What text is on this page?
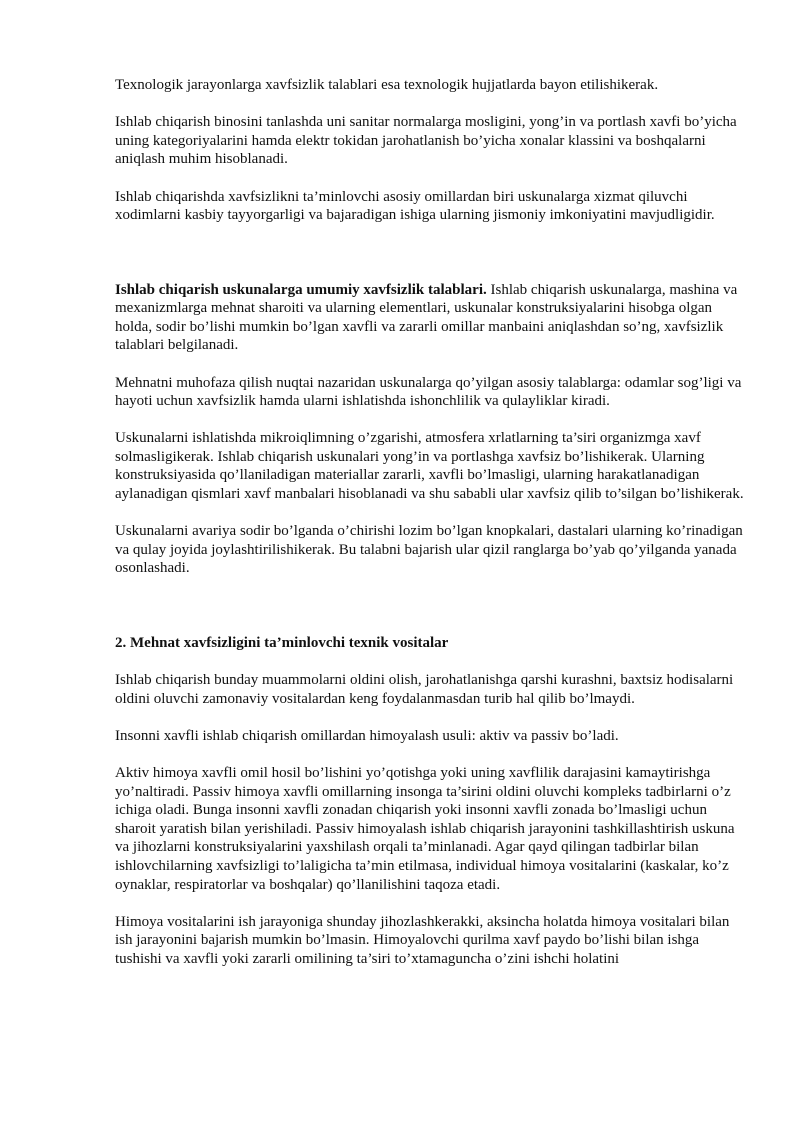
Texnologik jarayonlarga xavfsizlik talablari esa texnologik hujjatlarda bayon etilishikerak.

Ishlab chiqarish binosini tanlashda uni sanitar normalarga mosligini, yong’in va portlash xavfi bo’yicha uning kategoriyalarini hamda elektr tokidan jarohatlanish bo’yicha xonalar klassini va boshqalarni aniqlash muhim hisoblanadi.

Ishlab chiqarishda xavfsizlikni ta’minlovchi asosiy omillardan biri uskunalarga xizmat qiluvchi xodimlarni kasbiy tayyorgarligi va bajaradigan ishiga ularning jismoniy imkoniyatini mavjudligidir.

Ishlab chiqarish uskunalarga umumiy xavfsizlik talablari. Ishlab chiqarish uskunalarga, mashina va mexanizmlarga mehnat sharoiti va ularning elementlari, uskunalar konstruksiyalarini hisobga olgan holda, sodir bo’lishi mumkin bo’lgan xavfli va zararli omillar manbaini aniqlashdan so’ng, xavfsizlik talablari belgilanadi.

Mehnatni muhofaza qilish nuqtai nazaridan uskunalarga qo’yilgan asosiy talablarga: odamlar sog’ligi va hayoti uchun xavfsizlik hamda ularni ishlatishda ishonchlilik va qulayliklar kiradi.

Uskunalarni ishlatishda mikroiqlimning o’zgarishi, atmosfera xrlatlarning ta’siri organizmga xavf solmasligikerak. Ishlab chiqarish uskunalari yong’in va portlashga xavfsiz bo’lishikerak. Ularning konstruksiyasida qo’llaniladigan materiallar zararli, xavfli bo’lmasligi, ularning harakatlanadigan aylanadigan qismlari xavf manbalari hisoblanadi va shu sababli ular xavfsiz qilib to’silgan bo’lishikerak.

Uskunalarni avariya sodir bo’lganda o’chirishi lozim bo’lgan knopkalari, dastalari ularning ko’rinadigan va qulay joyida joylashtirilishikerak. Bu talabni bajarish ular qizil ranglarga bo’yab qo’yilganda yanada osonlashadi.

2. Mehnat xavfsizligini ta’minlovchi texnik vositalar

Ishlab chiqarish bunday muammolarni oldini olish, jarohatlanishga qarshi kurashni, baxtsiz hodisalarni oldini oluvchi zamonaviy vositalardan keng foydalanmasdan turib hal qilib bo’lmaydi.

Insonni xavfli ishlab chiqarish omillardan himoyalash usuli: aktiv va passiv bo’ladi.

Aktiv himoya xavfli omil hosil bo’lishini yo’qotishga yoki uning xavflilik darajasini kamaytirishga yo’naltiradi. Passiv himoya xavfli omillarning insonga ta’sirini oldini oluvchi kompleks tadbirlarni o’z ichiga oladi. Bunga insonni xavfli zonadan chiqarish yoki insonni xavfli zonada bo’lmasligi uchun sharoit yaratish bilan yerishiladi. Passiv himoyalash ishlab chiqarish jarayonini tashkillashtirish uskuna va jihozlarni konstruksiyalarini yaxshilash orqali ta’minlanadi. Agar qayd qilingan tadbirlar bilan ishlovchilarning xavfsizligi to’laligicha ta’min etilmasa, individual himoya vositalarini (kaskalar, ko’z oynaklar, respiratorlar va boshqalar) qo’llanilishini taqoza etadi.

Himoya vositalarini ish jarayoniga shunday jihozlashkerakki, aksincha holatda himoya vositalari bilan ish jarayonini bajarish mumkin bo’lmasin. Himoyalovchi qurilma xavf paydo bo’lishi bilan ishga tushishi va xavfli yoki zararli omilining ta’siri to’xtamaguncha o’zini ishchi holatini
